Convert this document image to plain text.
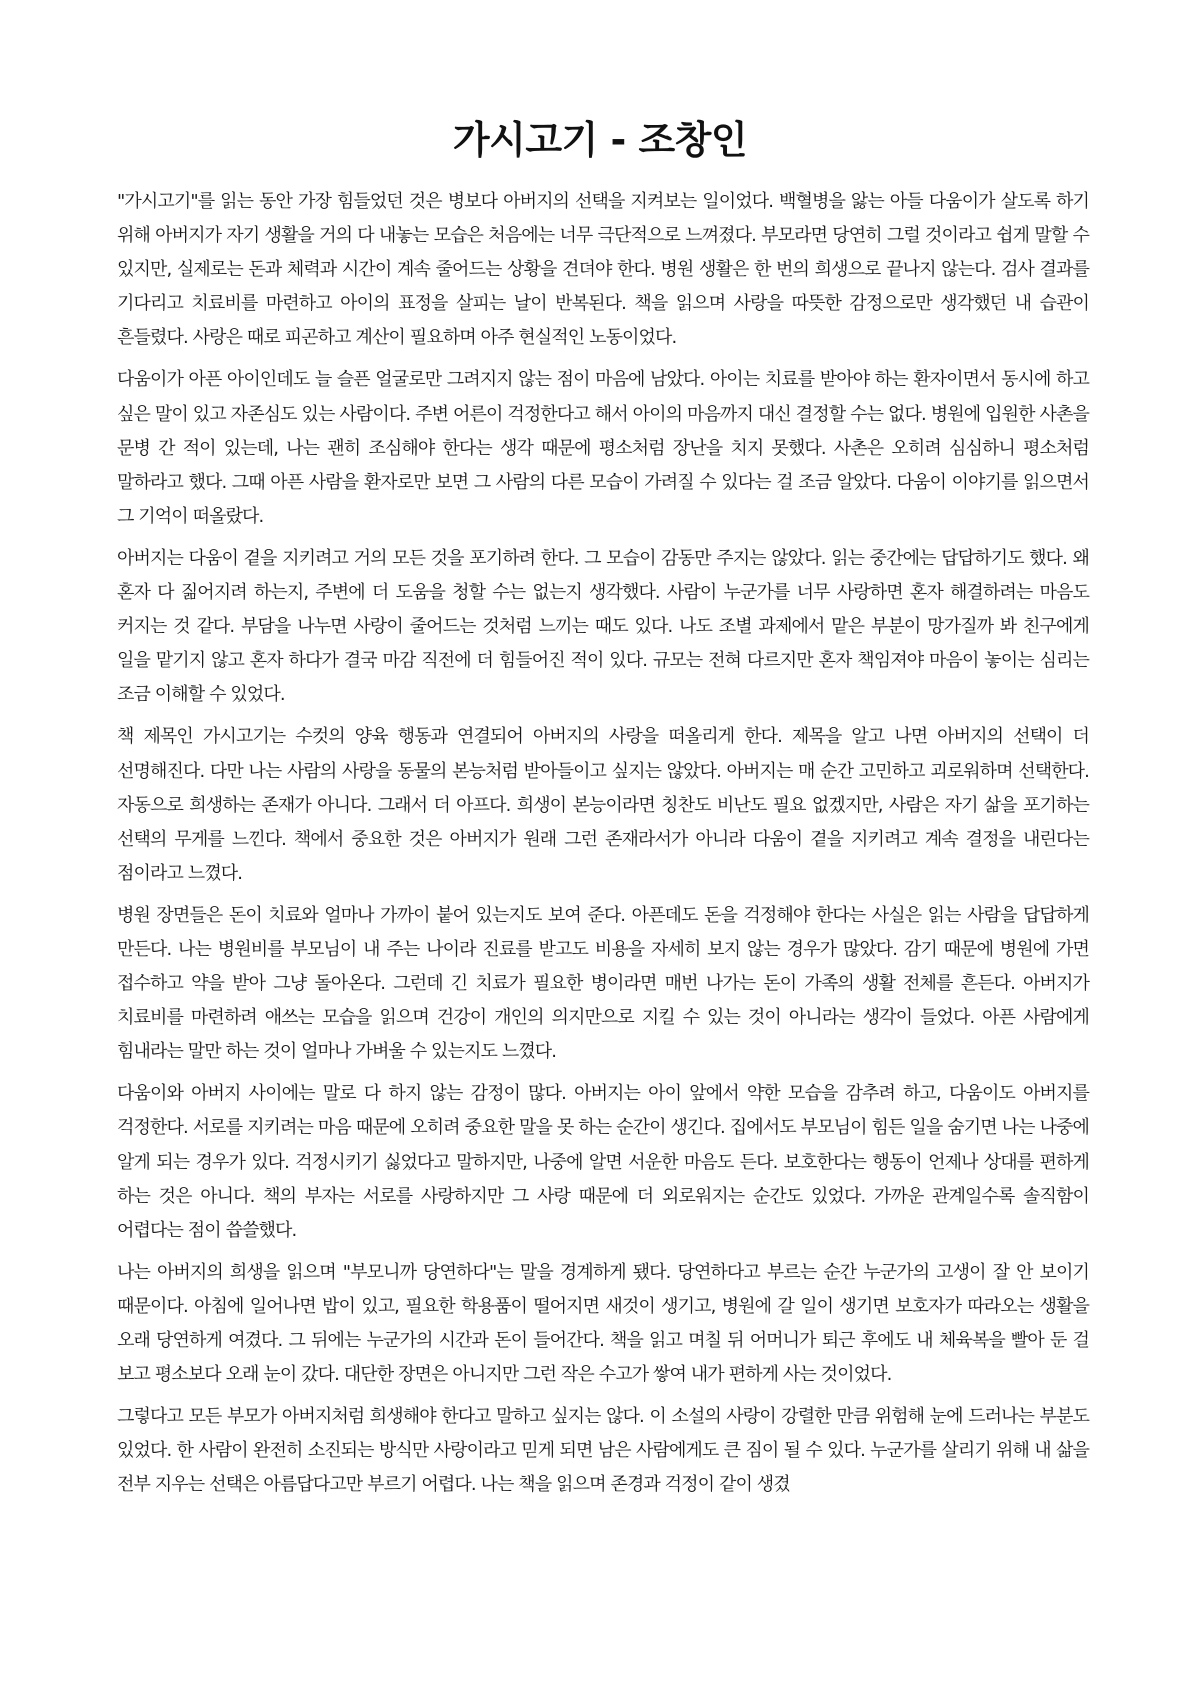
가시고기 - 조창인

"가시고기"를 읽는 동안 가장 힘들었던 것은 병보다 아버지의 선택을 지켜보는 일이었다. 백혈병을 앓는 아들 다움이가 살도록 하기 위해 아버지가 자기 생활을 거의 다 내놓는 모습은 처음에는 너무 극단적으로 느껴졌다. 부모라면 당연히 그럴 것이라고 쉽게 말할 수 있지만, 실제로는 돈과 체력과 시간이 계속 줄어드는 상황을 견뎌야 한다. 병원 생활은 한 번의 희생으로 끝나지 않는다. 검사 결과를 기다리고 치료비를 마련하고 아이의 표정을 살피는 날이 반복된다. 책을 읽으며 사랑을 따뜻한 감정으로만 생각했던 내 습관이 흔들렸다. 사랑은 때로 피곤하고 계산이 필요하며 아주 현실적인 노동이었다.

다움이가 아픈 아이인데도 늘 슬픈 얼굴로만 그려지지 않는 점이 마음에 남았다. 아이는 치료를 받아야 하는 환자이면서 동시에 하고 싶은 말이 있고 자존심도 있는 사람이다. 주변 어른이 걱정한다고 해서 아이의 마음까지 대신 결정할 수는 없다. 병원에 입원한 사촌을 문병 간 적이 있는데, 나는 괜히 조심해야 한다는 생각 때문에 평소처럼 장난을 치지 못했다. 사촌은 오히려 심심하니 평소처럼 말하라고 했다. 그때 아픈 사람을 환자로만 보면 그 사람의 다른 모습이 가려질 수 있다는 걸 조금 알았다. 다움이 이야기를 읽으면서 그 기억이 떠올랐다.

아버지는 다움이 곁을 지키려고 거의 모든 것을 포기하려 한다. 그 모습이 감동만 주지는 않았다. 읽는 중간에는 답답하기도 했다. 왜 혼자 다 짊어지려 하는지, 주변에 더 도움을 청할 수는 없는지 생각했다. 사람이 누군가를 너무 사랑하면 혼자 해결하려는 마음도 커지는 것 같다. 부담을 나누면 사랑이 줄어드는 것처럼 느끼는 때도 있다. 나도 조별 과제에서 맡은 부분이 망가질까 봐 친구에게 일을 맡기지 않고 혼자 하다가 결국 마감 직전에 더 힘들어진 적이 있다. 규모는 전혀 다르지만 혼자 책임져야 마음이 놓이는 심리는 조금 이해할 수 있었다.

책 제목인 가시고기는 수컷의 양육 행동과 연결되어 아버지의 사랑을 떠올리게 한다. 제목을 알고 나면 아버지의 선택이 더 선명해진다. 다만 나는 사람의 사랑을 동물의 본능처럼 받아들이고 싶지는 않았다. 아버지는 매 순간 고민하고 괴로워하며 선택한다. 자동으로 희생하는 존재가 아니다. 그래서 더 아프다. 희생이 본능이라면 칭찬도 비난도 필요 없겠지만, 사람은 자기 삶을 포기하는 선택의 무게를 느낀다. 책에서 중요한 것은 아버지가 원래 그런 존재라서가 아니라 다움이 곁을 지키려고 계속 결정을 내린다는 점이라고 느꼈다.

병원 장면들은 돈이 치료와 얼마나 가까이 붙어 있는지도 보여 준다. 아픈데도 돈을 걱정해야 한다는 사실은 읽는 사람을 답답하게 만든다. 나는 병원비를 부모님이 내 주는 나이라 진료를 받고도 비용을 자세히 보지 않는 경우가 많았다. 감기 때문에 병원에 가면 접수하고 약을 받아 그냥 돌아온다. 그런데 긴 치료가 필요한 병이라면 매번 나가는 돈이 가족의 생활 전체를 흔든다. 아버지가 치료비를 마련하려 애쓰는 모습을 읽으며 건강이 개인의 의지만으로 지킬 수 있는 것이 아니라는 생각이 들었다. 아픈 사람에게 힘내라는 말만 하는 것이 얼마나 가벼울 수 있는지도 느꼈다.

다움이와 아버지 사이에는 말로 다 하지 않는 감정이 많다. 아버지는 아이 앞에서 약한 모습을 감추려 하고, 다움이도 아버지를 걱정한다. 서로를 지키려는 마음 때문에 오히려 중요한 말을 못 하는 순간이 생긴다. 집에서도 부모님이 힘든 일을 숨기면 나는 나중에 알게 되는 경우가 있다. 걱정시키기 싫었다고 말하지만, 나중에 알면 서운한 마음도 든다. 보호한다는 행동이 언제나 상대를 편하게 하는 것은 아니다. 책의 부자는 서로를 사랑하지만 그 사랑 때문에 더 외로워지는 순간도 있었다. 가까운 관계일수록 솔직함이 어렵다는 점이 씁쓸했다.

나는 아버지의 희생을 읽으며 "부모니까 당연하다"는 말을 경계하게 됐다. 당연하다고 부르는 순간 누군가의 고생이 잘 안 보이기 때문이다. 아침에 일어나면 밥이 있고, 필요한 학용품이 떨어지면 새것이 생기고, 병원에 갈 일이 생기면 보호자가 따라오는 생활을 오래 당연하게 여겼다. 그 뒤에는 누군가의 시간과 돈이 들어간다. 책을 읽고 며칠 뒤 어머니가 퇴근 후에도 내 체육복을 빨아 둔 걸 보고 평소보다 오래 눈이 갔다. 대단한 장면은 아니지만 그런 작은 수고가 쌓여 내가 편하게 사는 것이었다.

그렇다고 모든 부모가 아버지처럼 희생해야 한다고 말하고 싶지는 않다. 이 소설의 사랑이 강렬한 만큼 위험해 눈에 드러나는 부분도 있었다. 한 사람이 완전히 소진되는 방식만 사랑이라고 믿게 되면 남은 사람에게도 큰 짐이 될 수 있다. 누군가를 살리기 위해 내 삶을 전부 지우는 선택은 아름답다고만 부르기 어렵다. 나는 책을 읽으며 존경과 걱정이 같이 생겼
